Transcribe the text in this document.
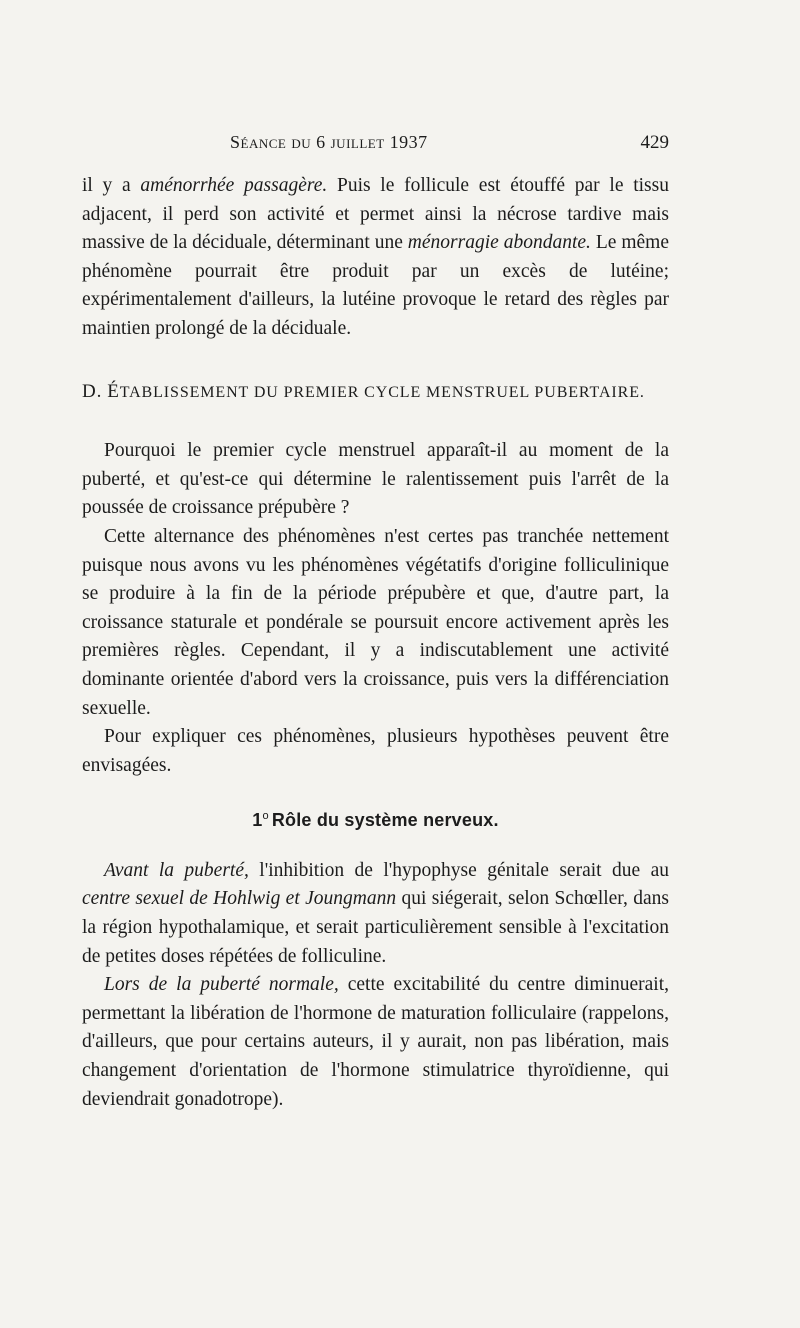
Séance du 6 juillet 1937	429

il y a aménorrhée passagère. Puis le follicule est étouffé par le tissu adjacent, il perd son activité et permet ainsi la nécrose tardive mais massive de la déciduale, déterminant une ménorragie abondante. Le même phénomène pourrait être produit par un excès de lutéine; expérimentalement d'ailleurs, la lutéine provoque le retard des règles par maintien prolongé de la déciduale.

D. ÉTABLISSEMENT DU PREMIER CYCLE MENSTRUEL PUBERTAIRE.

Pourquoi le premier cycle menstruel apparaît-il au moment de la puberté, et qu'est-ce qui détermine le ralentissement puis l'arrêt de la poussée de croissance prépubère ?

Cette alternance des phénomènes n'est certes pas tranchée nettement puisque nous avons vu les phénomènes végétatifs d'origine folliculinique se produire à la fin de la période prépubère et que, d'autre part, la croissance staturale et pondérale se poursuit encore activement après les premières règles. Cependant, il y a indiscutablement une activité dominante orientée d'abord vers la croissance, puis vers la différenciation sexuelle.

Pour expliquer ces phénomènes, plusieurs hypothèses peuvent être envisagées.

1$^o$ Rôle du système nerveux.

Avant la puberté, l'inhibition de l'hypophyse génitale serait due au centre sexuel de Hohlwig et Joungmann qui siégerait, selon Schœller, dans la région hypothalamique, et serait particulièrement sensible à l'excitation de petites doses répétées de folliculine.

Lors de la puberté normale, cette excitabilité du centre diminuerait, permettant la libération de l'hormone de maturation folliculaire (rappelons, d'ailleurs, que pour certains auteurs, il y aurait, non pas libération, mais changement d'orientation de l'hormone stimulatrice thyroïdienne, qui deviendrait gonadotrope).
